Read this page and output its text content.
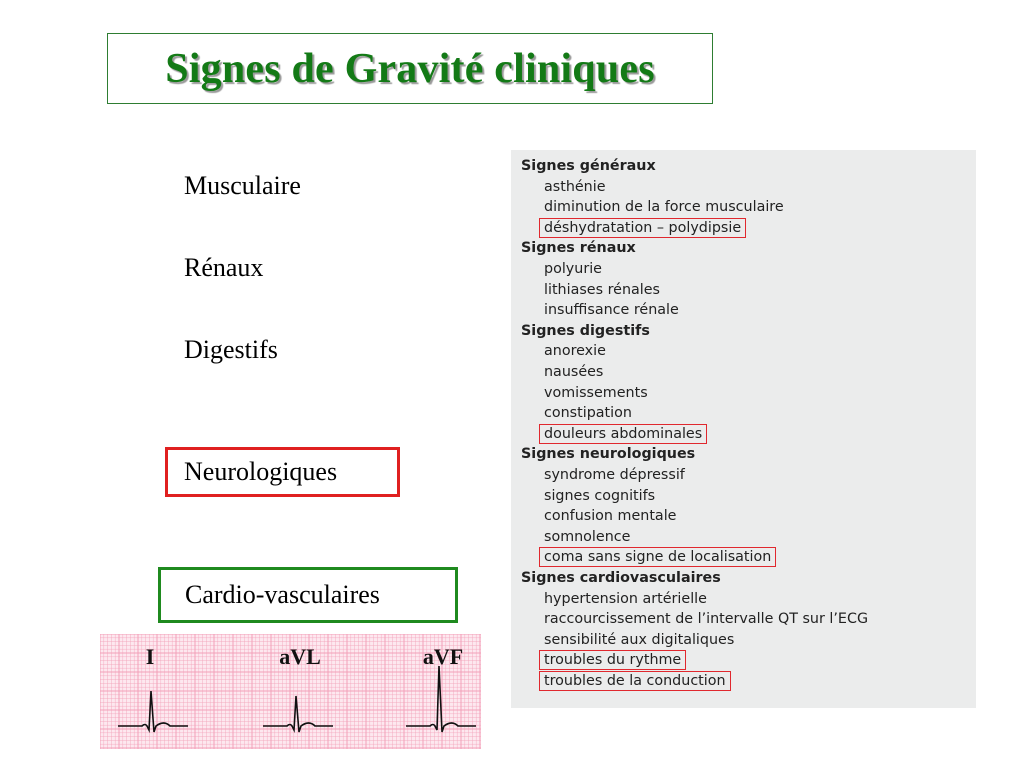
Signes de Gravité cliniques
Musculaire
Rénaux
Digestifs
Neurologiques
Cardio-vasculaires
Signes généraux
asthénie
diminution de la force musculaire
déshydratation – polydipsie
Signes rénaux
polyurie
lithiases rénales
insuffisance rénale
Signes digestifs
anorexie
nausées
vomissements
constipation
douleurs abdominales
Signes neurologiques
syndrome dépressif
signes cognitifs
confusion mentale
somnolence
coma sans signe de localisation
Signes cardiovasculaires
hypertension artérielle
raccourcissement de l’intervalle QT sur l’ECG
sensibilité aux digitaliques
troubles du rythme
troubles de la conduction
I	aVL	aVF
